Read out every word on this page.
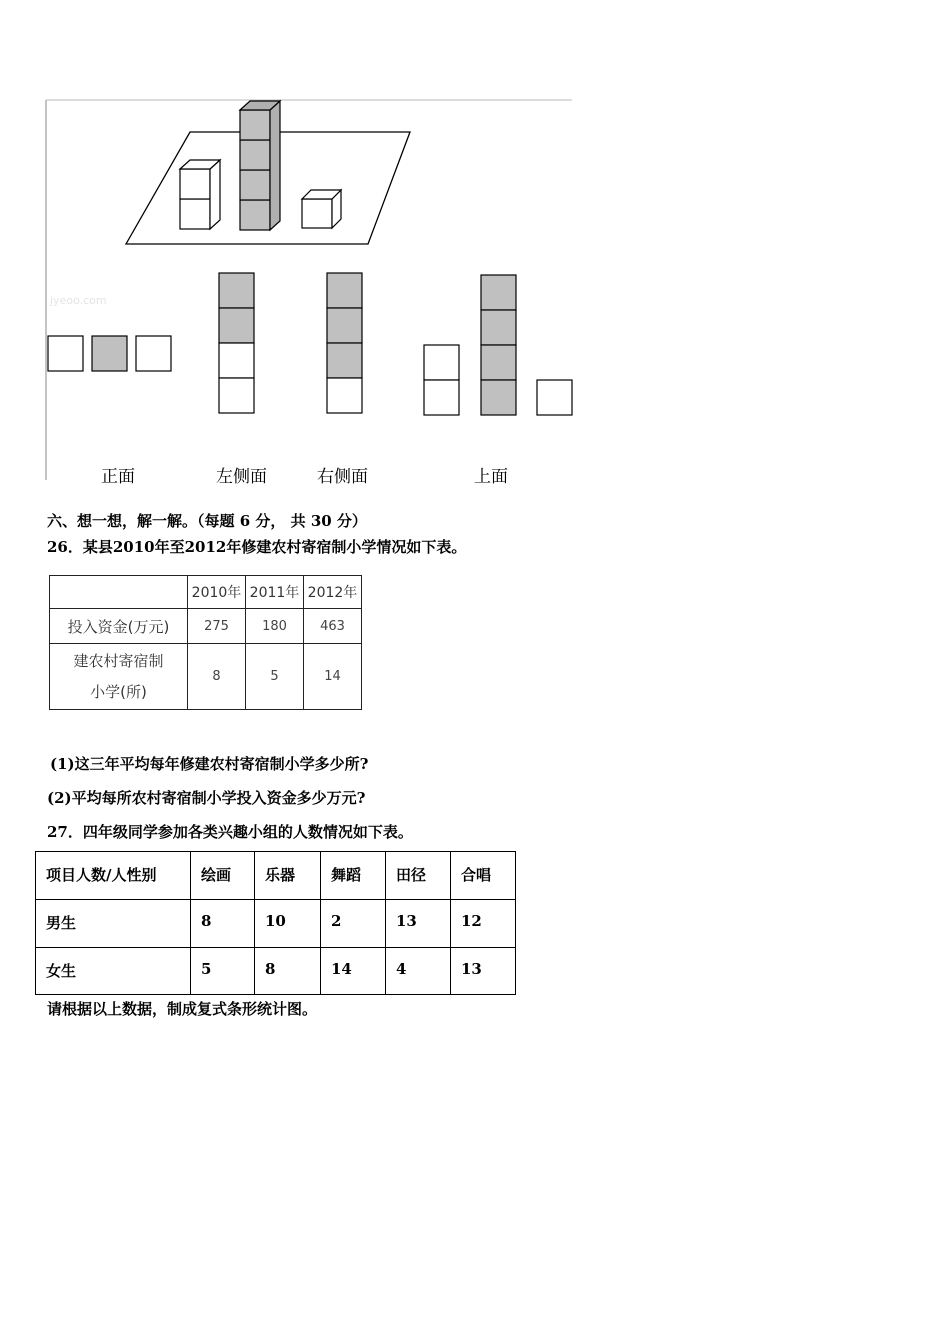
jyeoo.com
正面	左侧面	右侧面	上面
六、想一想，解一解。（每题 6 分， 共 30 分）
26．某县2010年至2012年修建农村寄宿制小学情况如下表。
	2010年	2011年	2012年
投入资金(万元)	275	180	463

建农村寄宿制
小学(所)	8	5	14
(1)这三年平均每年修建农村寄宿制小学多少所?
(2)平均每所农村寄宿制小学投入资金多少万元?
27．四年级同学参加各类兴趣小组的人数情况如下表。
项目人数/人性别	绘画	乐器	舞蹈	田径	合唱
男生	8	10	2	13	12
女生	5	8	14	4	13
请根据以上数据，制成复式条形统计图。
